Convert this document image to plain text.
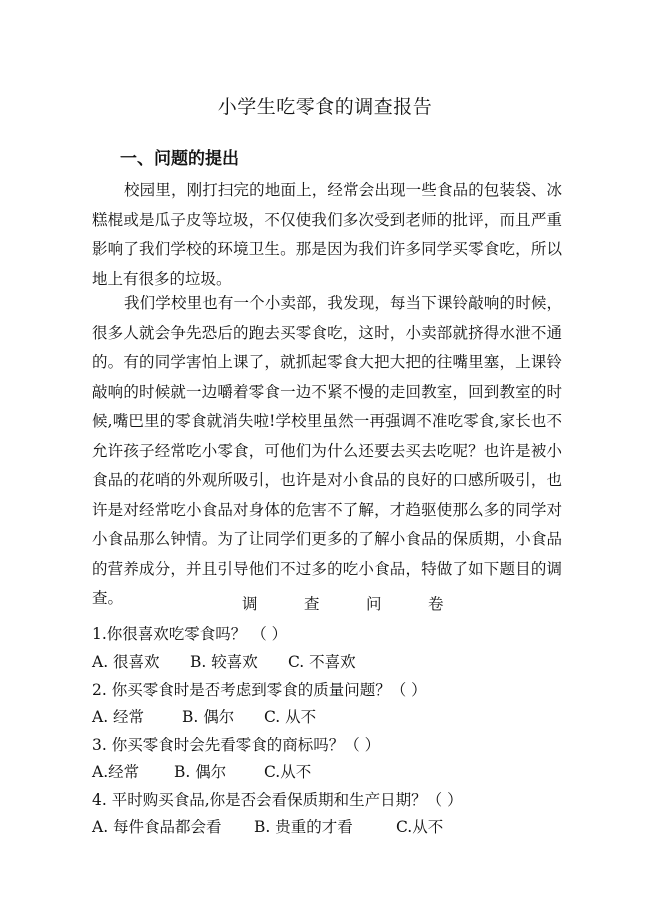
小学生吃零食的调查报告
一、问题的提出

校园里，刚打扫完的地面上，经常会出现一些食品的包装袋、冰糕棍或是瓜子皮等垃圾，不仅使我们多次受到老师的批评，而且严重影响了我们学校的环境卫生。那是因为我们许多同学买零食吃，所以地上有很多的垃圾。

我们学校里也有一个小卖部，我发现，每当下课铃敲响的时候，很多人就会争先恐后的跑去买零食吃，这时，小卖部就挤得水泄不通的。有的同学害怕上课了，就抓起零食大把大把的往嘴里塞，上课铃敲响的时候就一边嚼着零食一边不紧不慢的走回教室，回到教室的时候,嘴巴里的零食就消失啦!学校里虽然一再强调不准吃零食,家长也不允许孩子经常吃小零食，可他们为什么还要去买去吃呢？也许是被小食品的花哨的外观所吸引，也许是对小食品的良好的口感所吸引，也许是对经常吃小食品对身体的危害不了解，才趋驱使那么多的同学对小食品那么钟情。为了让同学们更多的了解小食品的保质期，小食品的营养成分，并且引导他们不过多的吃小食品，特做了如下题目的调查。	调	查	问	卷
1.你很喜欢吃零食吗？ （ ）
A. 很喜欢 B. 较喜欢 C. 不喜欢
2. 你买零食时是否考虑到零食的质量问题？（ ）
A. 经常 B. 偶尔 C. 从不
3. 你买零食时会先看零食的商标吗？（ ）
A.经常 B. 偶尔 C.从不
4. 平时购买食品,你是否会看保质期和生产日期？（ ）
A. 每件食品都会看 B. 贵重的才看	C.从不
